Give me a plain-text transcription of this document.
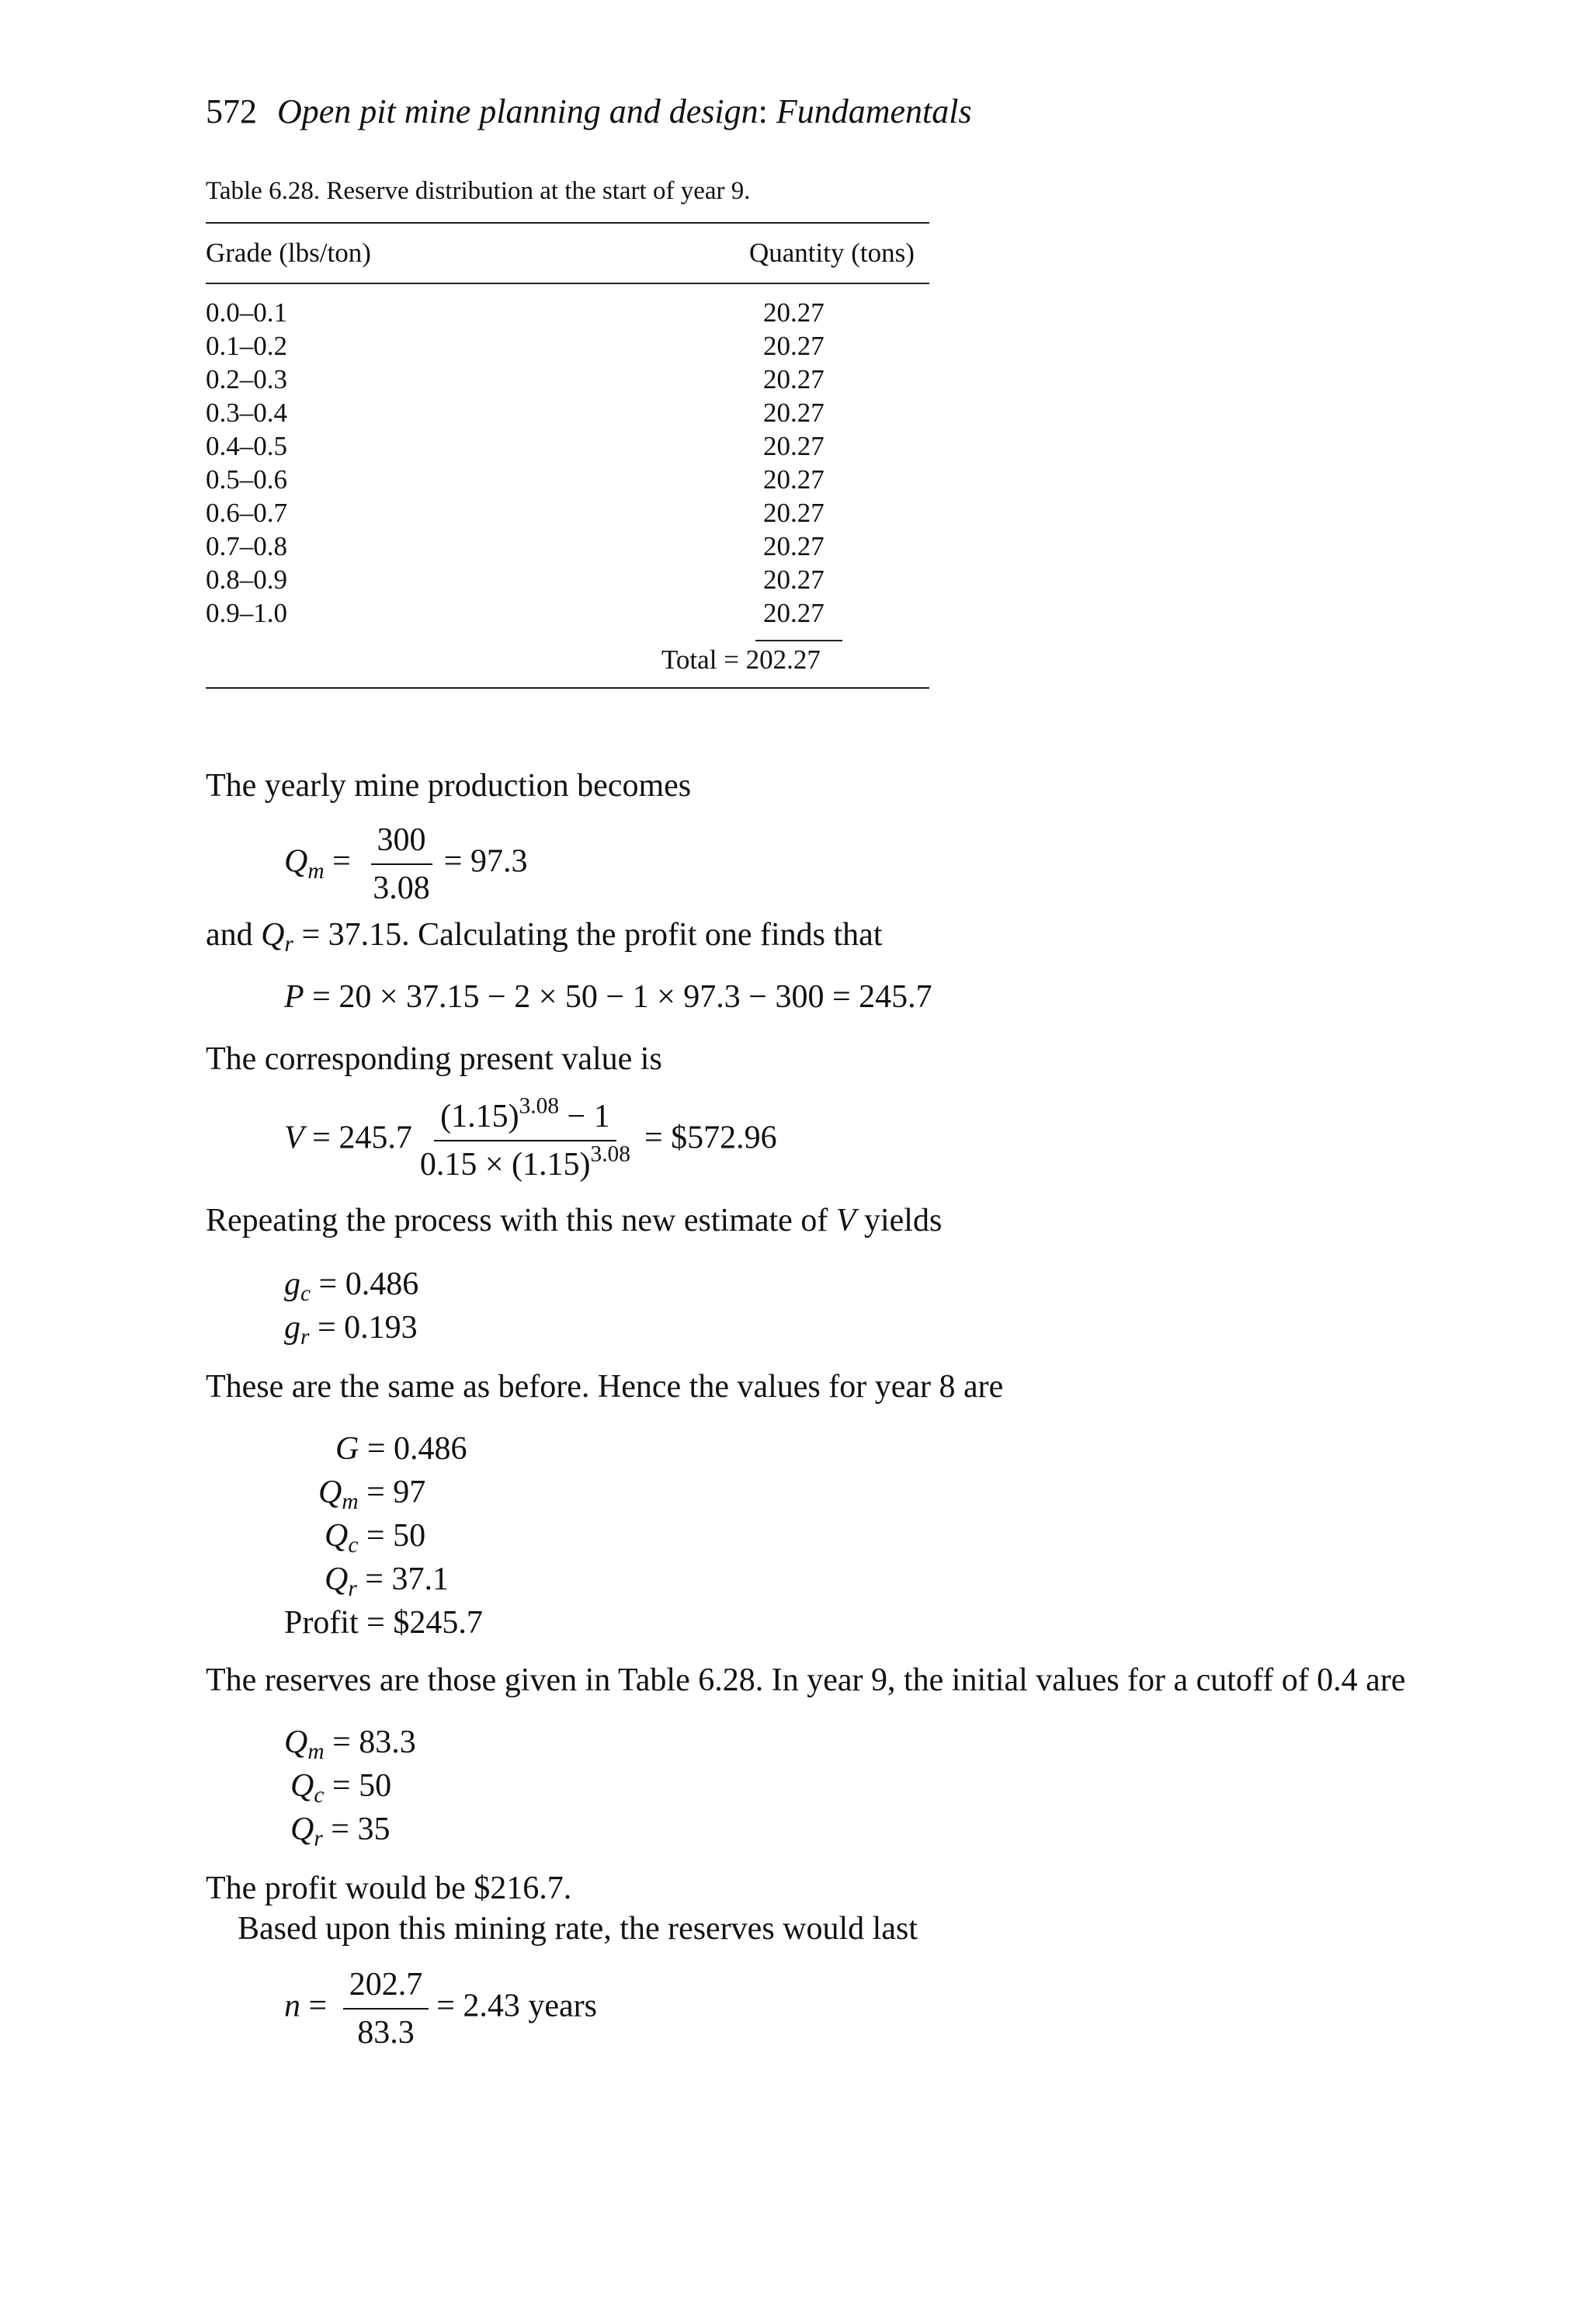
572 Open pit mine planning and design: Fundamentals
Table 6.28. Reserve distribution at the start of year 9.
Grade (lbs/ton)	Quantity (tons)
0.0–0.1	20.27
0.1–0.2	20.27
0.2–0.3	20.27
0.3–0.4	20.27
0.4–0.5	20.27
0.5–0.6	20.27
0.6–0.7	20.27
0.7–0.8	20.27
0.8–0.9	20.27
0.9–1.0	20.27
Total = 202.27
The yearly mine production becomes
$Q_m = \frac{300}{3.08} = 97.3$
and $Q_r = 37.15$. Calculating the profit one finds that
P = 20 × 37.15 − 2 × 50 − 1 × 97.3 − 300 = 245.7
The corresponding present value is
$V = 245.7 \frac{(1.15)^{3.08} - 1}{0.15 \times (1.15)^{3.08}}$ = $572.96
Repeating the process with this new estimate of V yields
$g_c = 0.486$
$g_r = 0.193$
These are the same as before. Hence the values for year 8 are
G = 0.486
$Q_m = 97$
$Q_c = 50$
$Q_r = 37.1$
Profit = $245.7
The reserves are those given in Table 6.28. In year 9, the initial values for a cutoff of 0.4 are
$Q_m = 83.3$
$Q_c = 50$
$Q_r = 35$
The profit would be $216.7.
Based upon this mining rate, the reserves would last
$n = \frac{202.7}{83.3} = 2.43$ years
